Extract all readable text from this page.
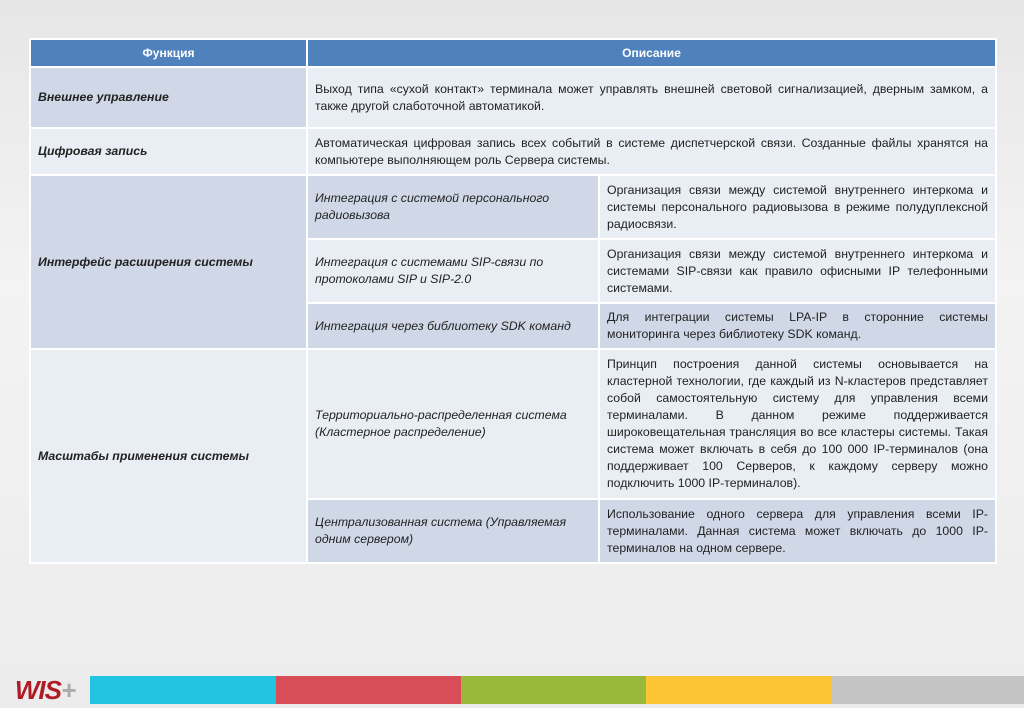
Функция	Описание	
Внешнее управление	Выход типа «сухой контакт» терминала может управлять внешней световой сигнализацией, дверным замком, а также другой слаботочной автоматикой.	
Цифровая запись	Автоматическая цифровая запись всех событий в системе диспетчерской связи. Созданные файлы хранятся на компьютере выполняющем роль Сервера системы.	
Интерфейс расширения системы	Интеграция с системой персонального радиовызова	Организация связи между системой внутреннего интеркома и системы персонального радиовызова в режиме полудуплексной радиосвязи.
	Интеграция с системами SIP-связи по протоколами SIP и SIP-2.0	Организация связи между системой внутреннего интеркома и системами SIP-связи как правило офисными IP телефонными системами.
	Интеграция через библиотеку SDK команд	Для интеграции системы LPA-IP в сторонние системы мониторинга через библиотеку SDK команд.
Масштабы применения системы	Территориально-распределенная система (Кластерное распределение)	Принцип построения данной системы основывается на кластерной технологии, где каждый из N-кластеров представляет собой самостоятельную систему для управления всеми терминалами. В данном режиме поддерживается широковещательная трансляция во все кластеры системы. Такая система может включать в себя до 100 000 IP-терминалов (она поддерживает 100 Серверов, к каждому серверу можно подключить 1000 IP-терминалов).
	Централизованная система (Управляемая одним сервером)	Использование одного сервера для управления всеми IP-терминалами. Данная система может включать до 1000 IP-терминалов на одном сервере.
WIS +
